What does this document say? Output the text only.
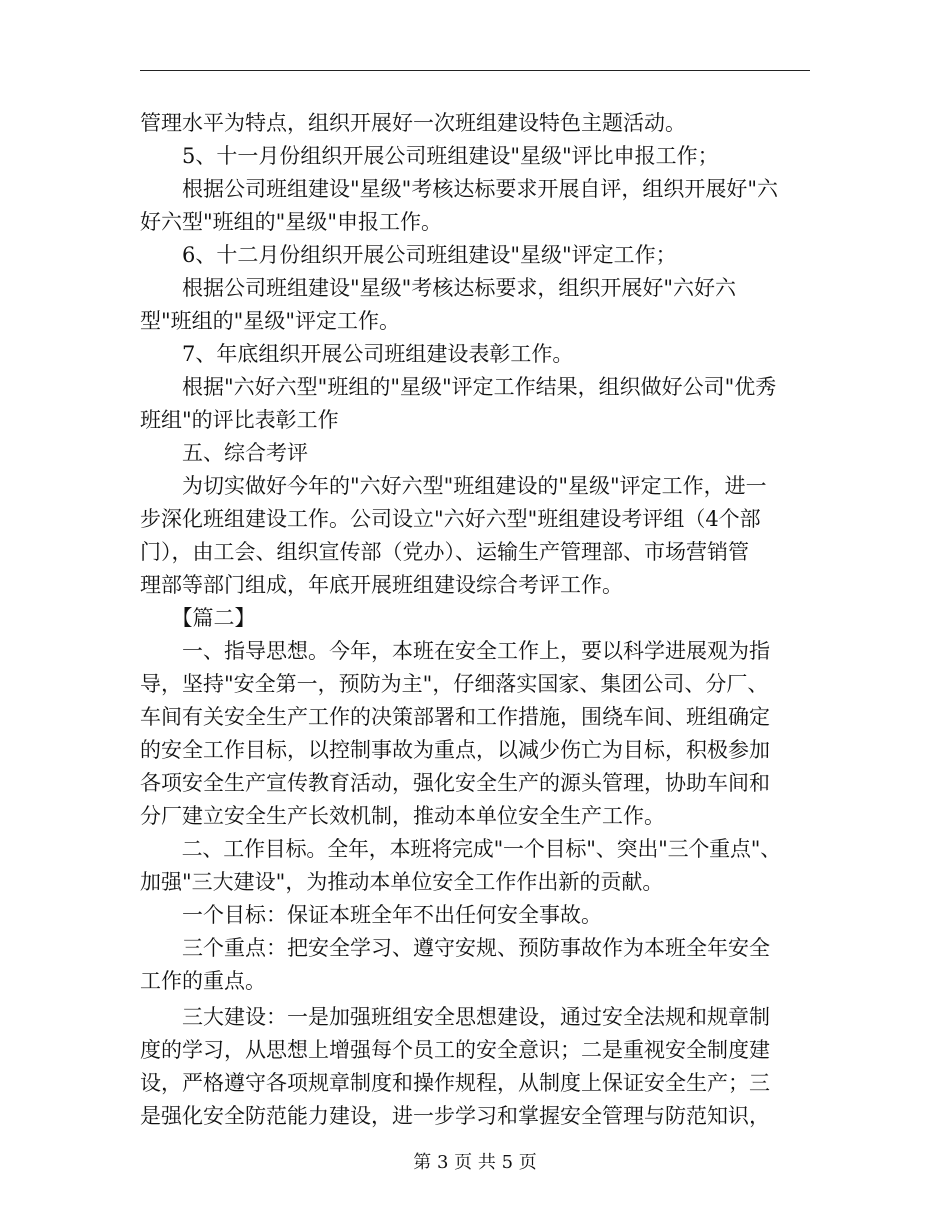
管理水平为特点，组织开展好一次班组建设特色主题活动。
　　5、十一月份组织开展公司班组建设"星级"评比申报工作；
　　根据公司班组建设"星级"考核达标要求开展自评，组织开展好"六
好六型"班组的"星级"申报工作。
　　6、十二月份组织开展公司班组建设"星级"评定工作；
　　根据公司班组建设"星级"考核达标要求，组织开展好"六好六
型"班组的"星级"评定工作。
　　7、年底组织开展公司班组建设表彰工作。
　　根据"六好六型"班组的"星级"评定工作结果，组织做好公司"优秀
班组"的评比表彰工作
　　五、综合考评
　　为切实做好今年的"六好六型"班组建设的"星级"评定工作，进一
步深化班组建设工作。公司设立"六好六型"班组建设考评组（4个部
门），由工会、组织宣传部（党办）、运输生产管理部、市场营销管
理部等部门组成，年底开展班组建设综合考评工作。
　　【篇二】
　　一、指导思想。今年，本班在安全工作上，要以科学进展观为指
导，坚持"安全第一，预防为主"，仔细落实国家、集团公司、分厂、
车间有关安全生产工作的决策部署和工作措施，围绕车间、班组确定
的安全工作目标，以控制事故为重点，以减少伤亡为目标，积极参加
各项安全生产宣传教育活动，强化安全生产的源头管理，协助车间和
分厂建立安全生产长效机制，推动本单位安全生产工作。
　　二、工作目标。全年，本班将完成"一个目标"、突出"三个重点"、
加强"三大建设"，为推动本单位安全工作作出新的贡献。
　　一个目标：保证本班全年不出任何安全事故。
　　三个重点：把安全学习、遵守安规、预防事故作为本班全年安全
工作的重点。
　　三大建设：一是加强班组安全思想建设，通过安全法规和规章制
度的学习，从思想上增强每个员工的安全意识；二是重视安全制度建
设，严格遵守各项规章制度和操作规程，从制度上保证安全生产；三
是强化安全防范能力建设，进一步学习和掌握安全管理与防范知识，
第 3 页 共 5 页
